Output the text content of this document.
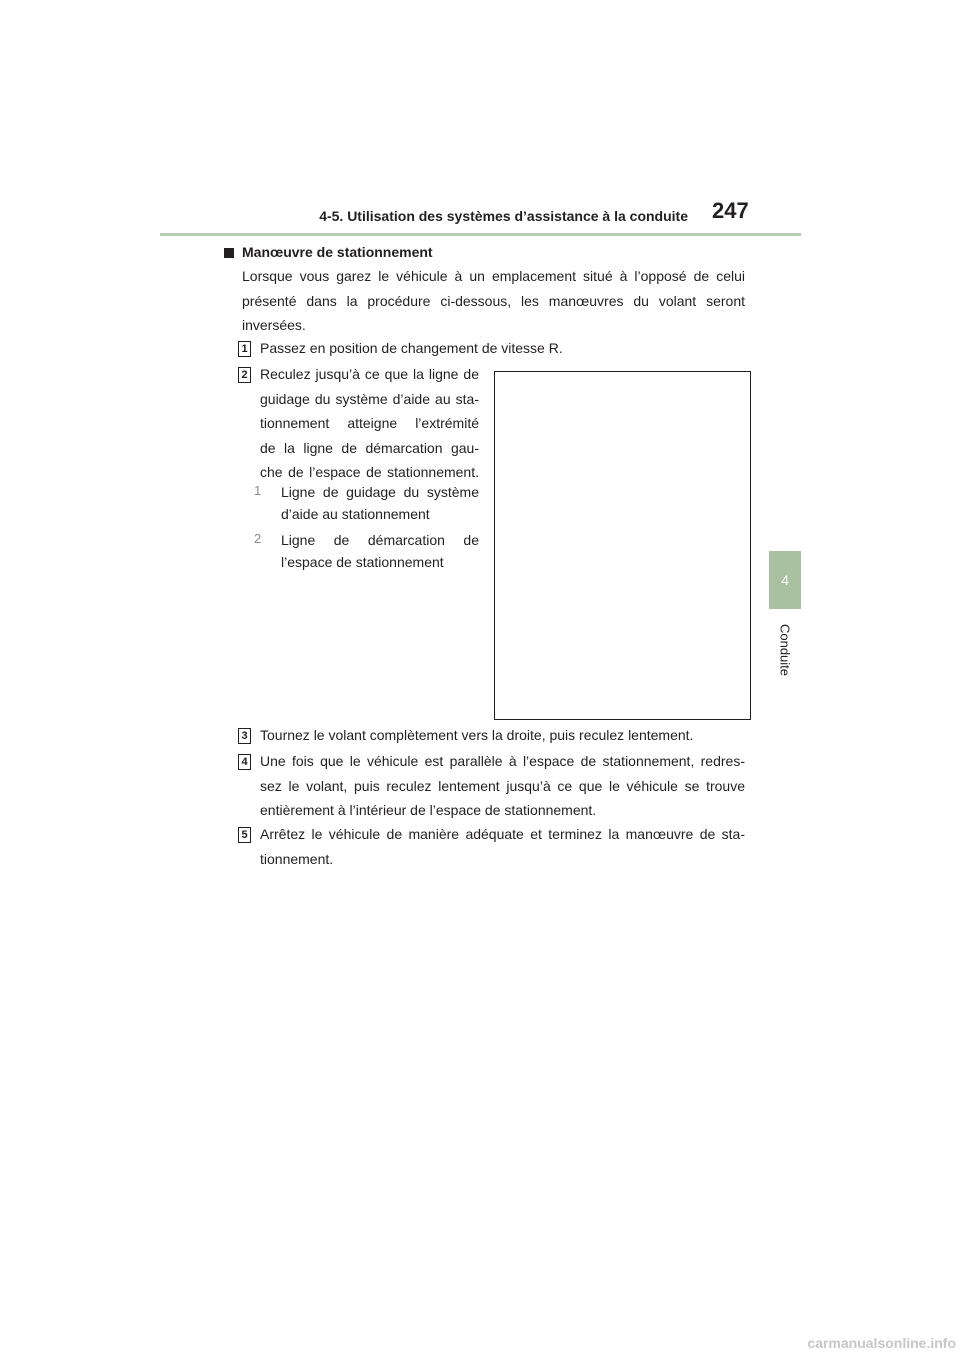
4-5. Utilisation des systèmes d’assistance à la conduite 247
4
Conduite
Manœuvre de stationnement
Lorsque vous garez le véhicule à un emplacement situé à l’opposé de celui
présenté dans la procédure ci-dessous, les manœuvres du volant seront
inversées.
1 Passez en position de changement de vitesse R.
2 Reculez jusqu’à ce que la ligne de
guidage du système d’aide au sta-
tionnement atteigne l’extrémité
de la ligne de démarcation gau-
che de l’espace de stationnement.
1 Ligne de guidage du système
d’aide au stationnement
2 Ligne de démarcation de
l’espace de stationnement
3 Tournez le volant complètement vers la droite, puis reculez lentement.
4 Une fois que le véhicule est parallèle à l’espace de stationnement, redres-
sez le volant, puis reculez lentement jusqu’à ce que le véhicule se trouve
entièrement à l’intérieur de l’espace de stationnement.
5 Arrêtez le véhicule de manière adéquate et terminez la manœuvre de sta-
tionnement.
carmanualsonline.info
